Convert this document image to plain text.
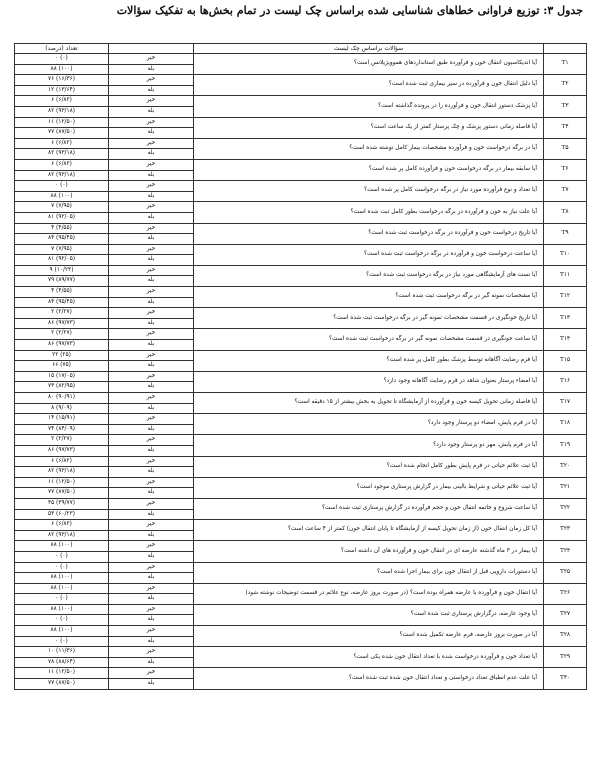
جدول ۳: توزیع فراوانی خطاهای شناسایی شده براساس چک لیست در تمام بخش‌ها به تفکیک سؤالات
تعداد (درصد)		سؤالات براساس چک لیست	
(۰) ۰	خیر	آیا اندیکاسیون انتقال خون و فرآورده طبق استانداردهای هموویژیلانس است؟	T۱
(۱۰۰) ۸۸	بله		
(۱۶/۳۶) ۷۶	خیر	آیا دلیل انتقال خون و فرآورده در سیر بیماری ثبت شده است؟	T۲
(۱۳/۶۴) ۱۲	بله		
(۶/۸۲) ۶	خیر	آیا پزشک دستور انتقال خون و فرآورده را در پرونده گذاشته است؟	T۳
(۹۳/۱۸) ۸۲	بله		
(۱۲/۵۰) ۱۱	خیر	آیا فاصله زمانی دستور پزشک و چک پرستار کمتر از یک ساعت است؟	T۴
(۸۷/۵۰) ۷۷	بله		
(۶/۸۲) ۶	خیر	آیا در برگه درخواست خون و فرآورده مشخصات بیمار کامل نوشته شده است؟	T۵
(۹۳/۱۸) ۸۲	بله		
(۶/۸۲) ۶	خیر	آیا سابقه بیمار در برگه درخواست خون و فرآورده کامل پر شده است؟	T۶
(۹۳/۱۸) ۸۲	بله		
(۰) ۰	خیر	آیا تعداد و نوع فرآورده مورد نیاز در برگه درخواست کامل پر شده است؟	T۷
(۱۰۰) ۸۸	بله		
(۷/۹۵) ۷	خیر	آیا علت نیاز به خون و فرآورده در برگه درخواست بطور کامل ثبت شده است؟	T۸
(۹۲/۰۵) ۸۱	بله		
(۴/۵۵) ۴	خیر	آیا تاریخ درخواست خون و فرآورده در برگه درخواست ثبت شده است؟	T۹
(۹۵/۴۵) ۸۴	بله		
(۷/۹۵) ۷	خیر	آیا ساعت درخواست خون و فرآورده در برگه درخواست ثبت شده است؟	T۱۰
(۹۲/۰۵) ۸۱	بله		
(۱۰/۲۳) ۹	خیر	آیا تست های آزمایشگاهی مورد نیاز در برگه درخواست ثبت شده است؟	T۱۱
(۸۹/۷۷) ۷۹	بله		
(۴/۵۵) ۴	خیر	آیا مشخصات نمونه گیر در برگه درخواست ثبت شده است؟	T۱۲
(۹۵/۴۵) ۸۴	بله		
(۲/۲۷) ۲	خیر	آیا تاریخ خونگیری در قسمت مشخصات نمونه گیر در برگه درخواست ثبت شده است؟	T۱۳
(۹۷/۷۳) ۸۶	بله		
(۲/۲۷) ۲	خیر	آیا ساعت خونگیری در قسمت مشخصات نمونه گیر در برگه درخواست ثبت شده است؟	T۱۴
(۹۷/۷۳) ۸۶	بله		
(۲۵) ۲۲	خیر	آیا فرم رضایت آگاهانه توسط پزشک بطور کامل پر شده است؟	T۱۵
(۷۵) ۶۶	بله		
(۱۷/۰۵) ۱۵	خیر	آیا امضاء پرستار بعنوان شاهد در فرم رضایت آگاهانه وجود دارد؟	T۱۶
(۸۲/۹۵) ۷۳	بله		
(۹۰/۹۱) ۸۰	خیر	آیا فاصله زمانی تحویل کیسه خون و فرآورده از آزمایشگاه تا تحویل به بخش بیشتر از ۱۵ دقیقه است؟	T۱۷
(۹/۰۹) ۸	بله		
(۱۵/۹۱) ۱۴	خیر	آیا در فرم پایش، امضاء دو پرستار وجود دارد؟	T۱۸
(۸۴/۰۹) ۷۴	بله		
(۲/۲۷) ۲	خیر	آیا در فرم پایش، مهر دو پرستار وجود دارد؟	T۱۹
(۹۷/۷۳) ۸۶	بله		
(۶/۸۲) ۶	خیر	آیا ثبت علائم حیاتی در فرم پایش بطور کامل انجام شده است؟	T۲۰
(۹۳/۱۸) ۸۲	بله		
(۱۲/۵۰) ۱۱	خیر	آیا ثبت علائم حیاتی و شرایط بالینی بیمار در گزارش پرستاری موجود است؟	T۲۱
(۸۷/۵۰) ۷۷	بله		
(۳۹/۷۷) ۳۵	خیر	آیا ساعت شروع و خاتمه انتقال خون و حجم فرآورده در گزارش پرستاری ثبت شده است؟	T۲۲
(۶۰/۲۳) ۵۳	بله		
(۶/۸۲) ۶	خیر	آیا کل زمان انتقال خون (از زمان تحویل کیسه از آزمایشگاه تا پایان انتقال خون) کمتر از ۴ ساعت است؟	T۲۳
(۹۳/۱۸) ۸۲	بله		
(۱۰۰) ۸۸	خیر	آیا بیمار در ۳ ماه گذشته عارضه ای در انتقال خون و فرآورده های آن داشته است؟	T۲۴
(۰) ۰	بله		
(۰) ۰	خیر	آیا دستورات دارویی قبل از انتقال خون برای بیمار اجرا شده است؟	T۲۵
(۱۰۰) ۸۸	بله		
(۱۰۰) ۸۸	خیر	آیا انتقال خون و فرآورده با عارضه همراه بوده است؟ (در صورت بروز عارضه، نوع علائم در قسمت توضیحات نوشته شود)	T۲۶
(۰) ۰	بله		
(۱۰۰) ۸۸	خیر	آیا وجود عارضه، درگزارش پرستاری ثبت شده است؟	T۲۷
(۰) ۰	بله		
(۱۰۰) ۸۸	خیر	آیا در صورت بروز عارضه، فرم عارضه تکمیل شده است؟	T۲۸
(۰) ۰	بله		
(۱۱/۳۶) ۱۰	خیر	آیا تعداد خون و فرآورده درخواست شده با تعداد انتقال خون شده یکی است؟	T۲۹
(۸۸/۶۴) ۷۸	بله		
(۱۲/۵۰) ۱۱	خیر	آیا علت عدم انطباق تعداد درخواستی و تعداد انتقال خون شده ثبت شده است؟	T۳۰
(۸۷/۵۰) ۷۷	بله		
